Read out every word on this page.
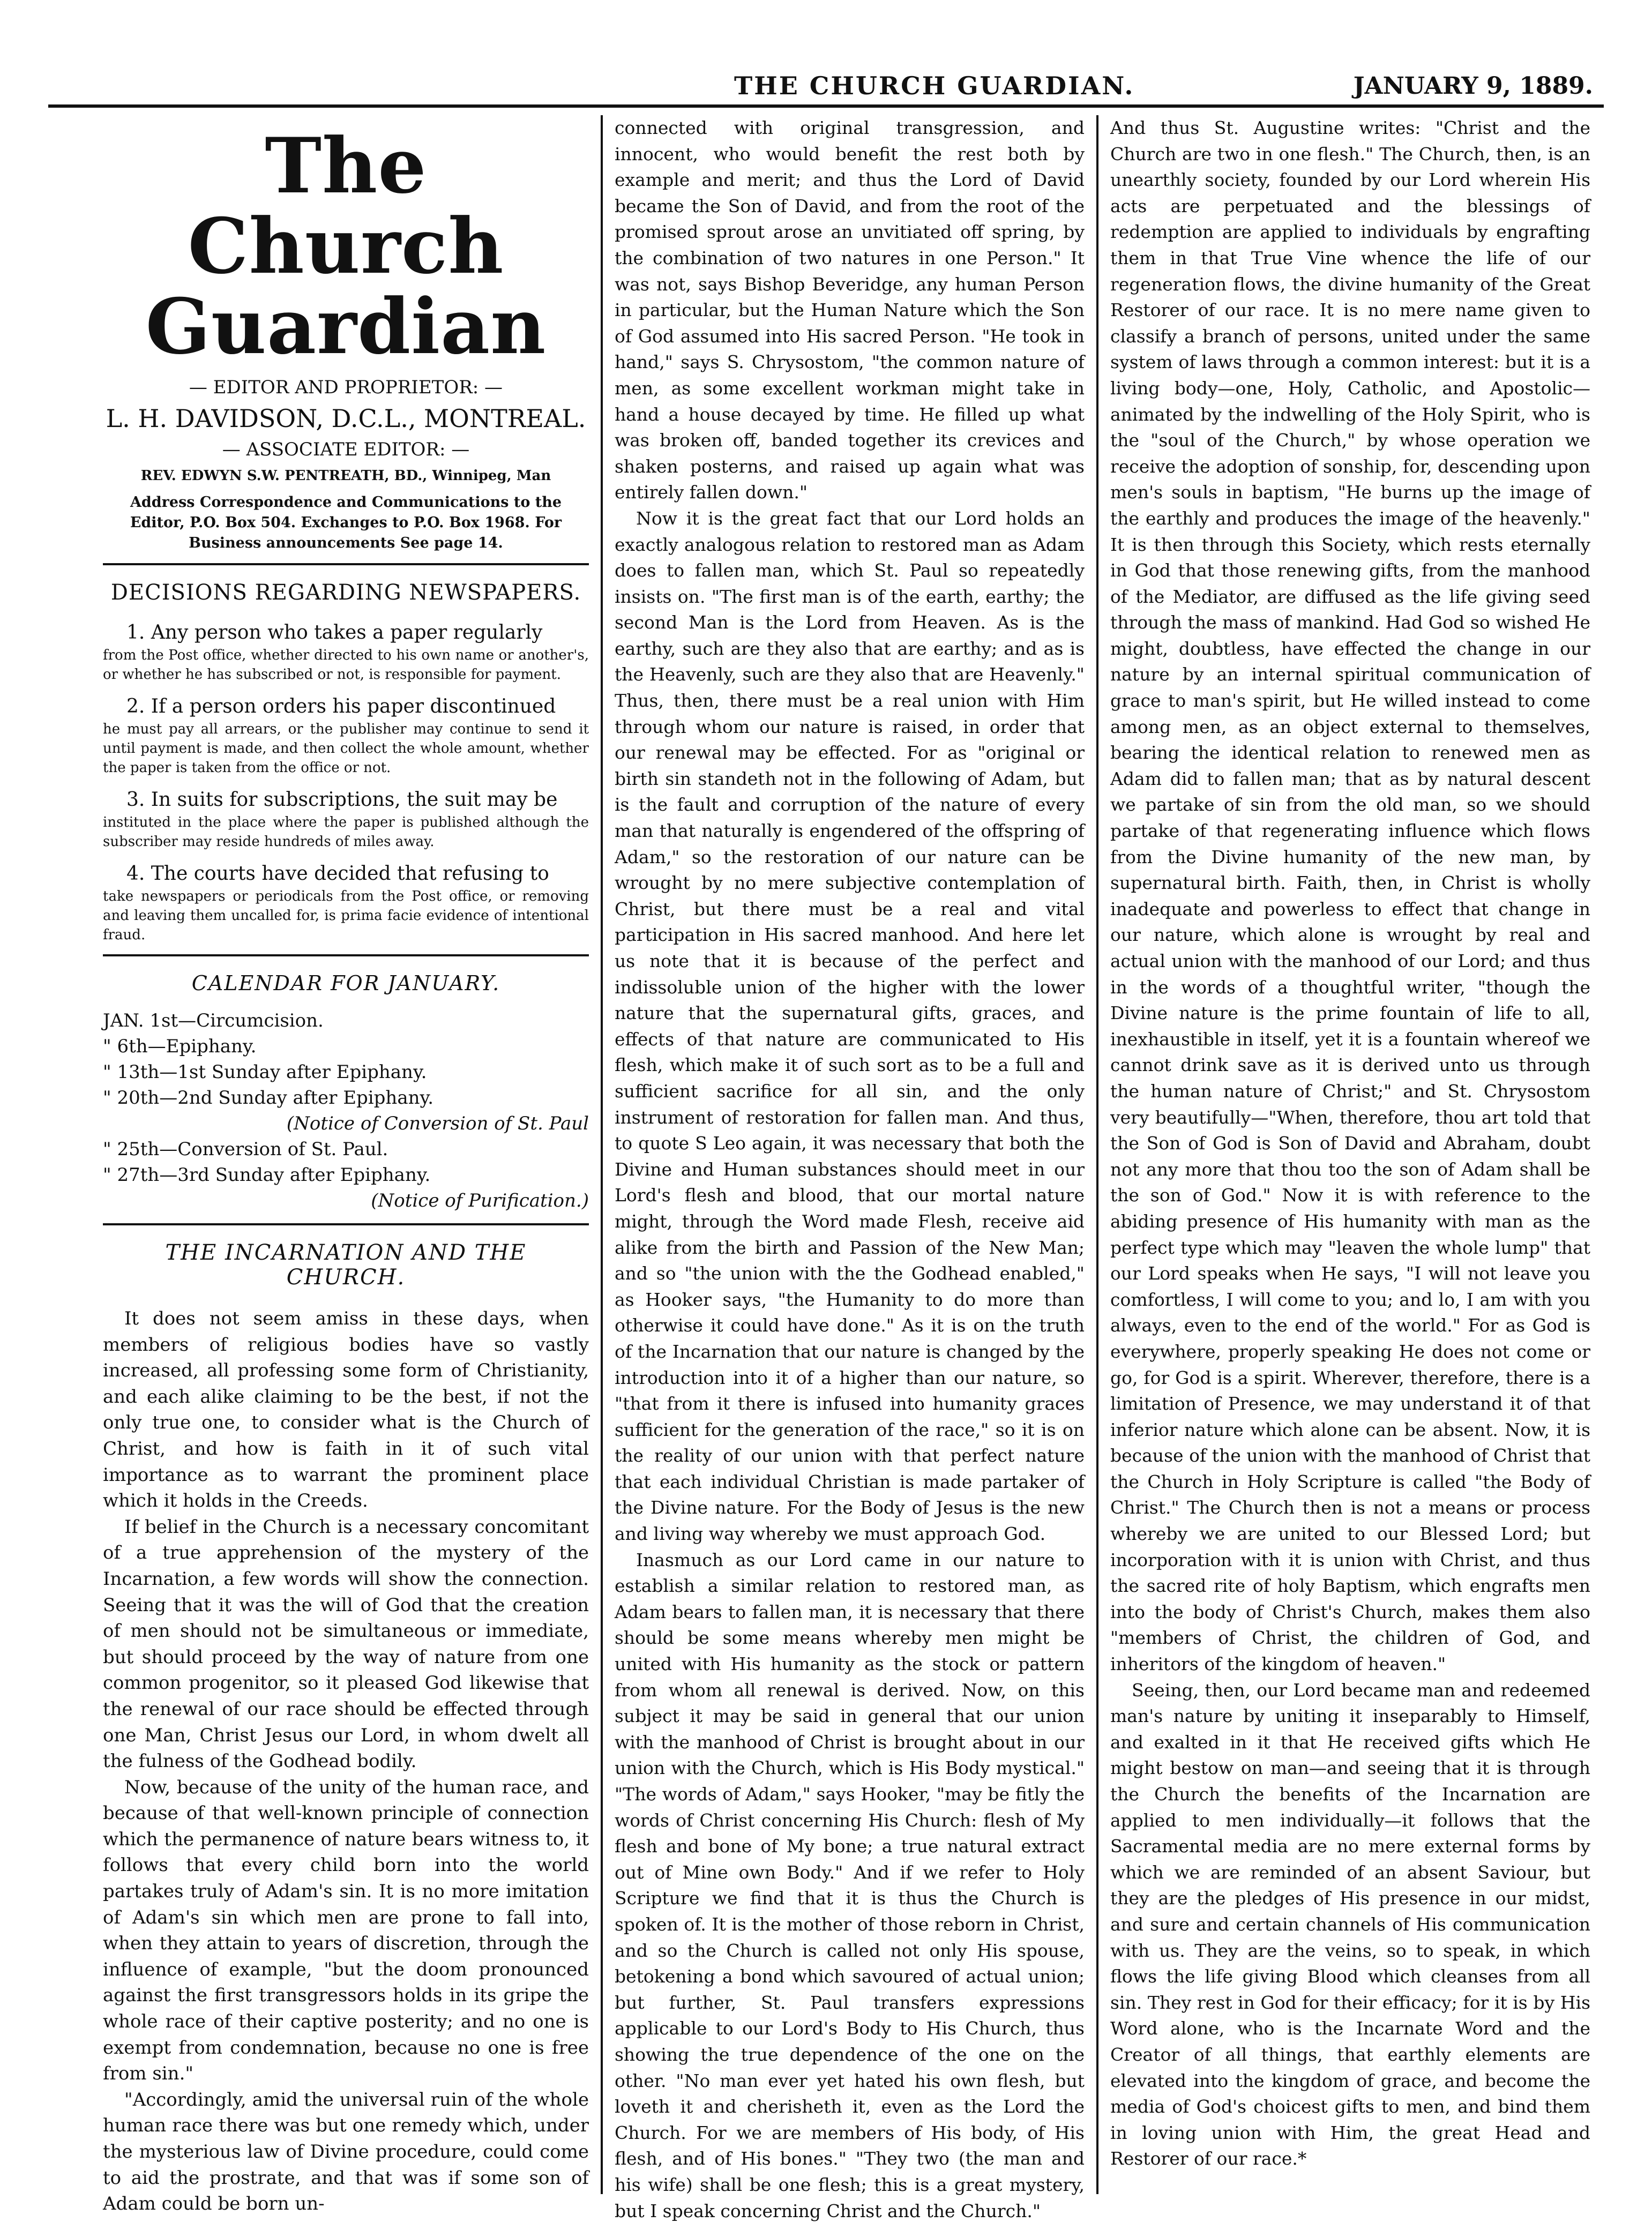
THE CHURCH GUARDIAN.	JANUARY 9, 1889.
The Church Guardian
— EDITOR AND PROPRIETOR: —
L. H. DAVIDSON, D.C.L., MONTREAL.
— ASSOCIATE EDITOR: —
REV. EDWYN S.W. PENTREATH, BD., Winnipeg, Man
Address Correspondence and Communications to the Editor, P.O. Box 504. Exchanges to P.O. Box 1968. For Business announcements See page 14.
DECISIONS REGARDING NEWSPAPERS.

1. Any person who takes a paper regularly

from the Post office, whether directed to his own name or another's, or whether he has subscribed or not, is responsible for payment.

2. If a person orders his paper discontinued

he must pay all arrears, or the publisher may continue to send it until payment is made, and then collect the whole amount, whether the paper is taken from the office or not.

3. In suits for subscriptions, the suit may be

instituted in the place where the paper is published although the subscriber may reside hundreds of miles away.

4. The courts have decided that refusing to

take newspapers or periodicals from the Post office, or removing and leaving them uncalled for, is prima facie evidence of intentional fraud.

CALENDAR FOR JANUARY.

JAN. 1st—Circumcision.

" 6th—Epiphany.

" 13th—1st Sunday after Epiphany.

" 20th—2nd Sunday after Epiphany.

(Notice of Conversion of St. Paul

" 25th—Conversion of St. Paul.

" 27th—3rd Sunday after Epiphany.

(Notice of Purification.)

THE INCARNATION AND THE CHURCH.

It does not seem amiss in these days, when members of religious bodies have so vastly increased, all professing some form of Christianity, and each alike claiming to be the best, if not the only true one, to consider what is the Church of Christ, and how is faith in it of such vital importance as to warrant the prominent place which it holds in the Creeds.

If belief in the Church is a necessary concomitant of a true apprehension of the mystery of the Incarnation, a few words will show the connection. Seeing that it was the will of God that the creation of men should not be simultaneous or immediate, but should proceed by the way of nature from one common progenitor, so it pleased God likewise that the renewal of our race should be effected through one Man, Christ Jesus our Lord, in whom dwelt all the fulness of the Godhead bodily.

Now, because of the unity of the human race, and because of that well-known principle of connection which the permanence of nature bears witness to, it follows that every child born into the world partakes truly of Adam's sin. It is no more imitation of Adam's sin which men are prone to fall into, when they attain to years of discretion, through the influence of example, "but the doom pronounced against the first transgressors holds in its gripe the whole race of their captive posterity; and no one is exempt from condemnation, because no one is free from sin."

"Accordingly, amid the universal ruin of the whole human race there was but one remedy which, under the mysterious law of Divine procedure, could come to aid the prostrate, and that was if some son of Adam could be born un-

connected with original transgression, and innocent, who would benefit the rest both by example and merit; and thus the Lord of David became the Son of David, and from the root of the promised sprout arose an unvitiated off spring, by the combination of two natures in one Person." It was not, says Bishop Beveridge, any human Person in particular, but the Human Nature which the Son of God assumed into His sacred Person. "He took in hand," says S. Chrysostom, "the common nature of men, as some excellent workman might take in hand a house decayed by time. He filled up what was broken off, banded together its crevices and shaken posterns, and raised up again what was entirely fallen down."

Now it is the great fact that our Lord holds an exactly analogous relation to restored man as Adam does to fallen man, which St. Paul so repeatedly insists on. "The first man is of the earth, earthy; the second Man is the Lord from Heaven. As is the earthy, such are they also that are earthy; and as is the Heavenly, such are they also that are Heavenly." Thus, then, there must be a real union with Him through whom our nature is raised, in order that our renewal may be effected. For as "original or birth sin standeth not in the following of Adam, but is the fault and corruption of the nature of every man that naturally is engendered of the offspring of Adam," so the restoration of our nature can be wrought by no mere subjective contemplation of Christ, but there must be a real and vital participation in His sacred manhood. And here let us note that it is because of the perfect and indissoluble union of the higher with the lower nature that the supernatural gifts, graces, and effects of that nature are communicated to His flesh, which make it of such sort as to be a full and sufficient sacrifice for all sin, and the only instrument of restoration for fallen man. And thus, to quote S Leo again, it was necessary that both the Divine and Human substances should meet in our Lord's flesh and blood, that our mortal nature might, through the Word made Flesh, receive aid alike from the birth and Passion of the New Man; and so "the union with the the Godhead enabled," as Hooker says, "the Humanity to do more than otherwise it could have done." As it is on the truth of the Incarnation that our nature is changed by the introduction into it of a higher than our nature, so "that from it there is infused into humanity graces sufficient for the generation of the race," so it is on the reality of our union with that perfect nature that each individual Christian is made partaker of the Divine nature. For the Body of Jesus is the new and living way whereby we must approach God.

Inasmuch as our Lord came in our nature to establish a similar relation to restored man, as Adam bears to fallen man, it is necessary that there should be some means whereby men might be united with His humanity as the stock or pattern from whom all renewal is derived. Now, on this subject it may be said in general that our union with the manhood of Christ is brought about in our union with the Church, which is His Body mystical." "The words of Adam," says Hooker, "may be fitly the words of Christ concerning His Church: flesh of My flesh and bone of My bone; a true natural extract out of Mine own Body." And if we refer to Holy Scripture we find that it is thus the Church is spoken of. It is the mother of those reborn in Christ, and so the Church is called not only His spouse, betokening a bond which savoured of actual union; but further, St. Paul transfers expressions applicable to our Lord's Body to His Church, thus showing the true dependence of the one on the other. "No man ever yet hated his own flesh, but loveth it and cherisheth it, even as the Lord the Church. For we are members of His body, of His flesh, and of His bones." "They two (the man and his wife) shall be one flesh; this is a great mystery, but I speak concerning Christ and the Church."

And thus St. Augustine writes: "Christ and the Church are two in one flesh." The Church, then, is an unearthly society, founded by our Lord wherein His acts are perpetuated and the blessings of redemption are applied to individuals by engrafting them in that True Vine whence the life of our regeneration flows, the divine humanity of the Great Restorer of our race. It is no mere name given to classify a branch of persons, united under the same system of laws through a common interest: but it is a living body—one, Holy, Catholic, and Apostolic—animated by the indwelling of the Holy Spirit, who is the "soul of the Church," by whose operation we receive the adoption of sonship, for, descending upon men's souls in baptism, "He burns up the image of the earthly and produces the image of the heavenly." It is then through this Society, which rests eternally in God that those renewing gifts, from the manhood of the Mediator, are diffused as the life giving seed through the mass of mankind. Had God so wished He might, doubtless, have effected the change in our nature by an internal spiritual communication of grace to man's spirit, but He willed instead to come among men, as an object external to themselves, bearing the identical relation to renewed men as Adam did to fallen man; that as by natural descent we partake of sin from the old man, so we should partake of that regenerating influence which flows from the Divine humanity of the new man, by supernatural birth. Faith, then, in Christ is wholly inadequate and powerless to effect that change in our nature, which alone is wrought by real and actual union with the manhood of our Lord; and thus in the words of a thoughtful writer, "though the Divine nature is the prime fountain of life to all, inexhaustible in itself, yet it is a fountain whereof we cannot drink save as it is derived unto us through the human nature of Christ;" and St. Chrysostom very beautifully—"When, therefore, thou art told that the Son of God is Son of David and Abraham, doubt not any more that thou too the son of Adam shall be the son of God." Now it is with reference to the abiding presence of His humanity with man as the perfect type which may "leaven the whole lump" that our Lord speaks when He says, "I will not leave you comfortless, I will come to you; and lo, I am with you always, even to the end of the world." For as God is everywhere, properly speaking He does not come or go, for God is a spirit. Wherever, therefore, there is a limitation of Presence, we may understand it of that inferior nature which alone can be absent. Now, it is because of the union with the manhood of Christ that the Church in Holy Scripture is called "the Body of Christ." The Church then is not a means or process whereby we are united to our Blessed Lord; but incorporation with it is union with Christ, and thus the sacred rite of holy Baptism, which engrafts men into the body of Christ's Church, makes them also "members of Christ, the children of God, and inheritors of the kingdom of heaven."

Seeing, then, our Lord became man and redeemed man's nature by uniting it inseparably to Himself, and exalted in it that He received gifts which He might bestow on man—and seeing that it is through the Church the benefits of the Incarnation are applied to men individually—it follows that the Sacramental media are no mere external forms by which we are reminded of an absent Saviour, but they are the pledges of His presence in our midst, and sure and certain channels of His communication with us. They are the veins, so to speak, in which flows the life giving Blood which cleanses from all sin. They rest in God for their efficacy; for it is by His Word alone, who is the Incarnate Word and the Creator of all things, that earthly elements are elevated into the kingdom of grace, and become the media of God's choicest gifts to men, and bind them in loving union with Him, the great Head and Restorer of our race.*
